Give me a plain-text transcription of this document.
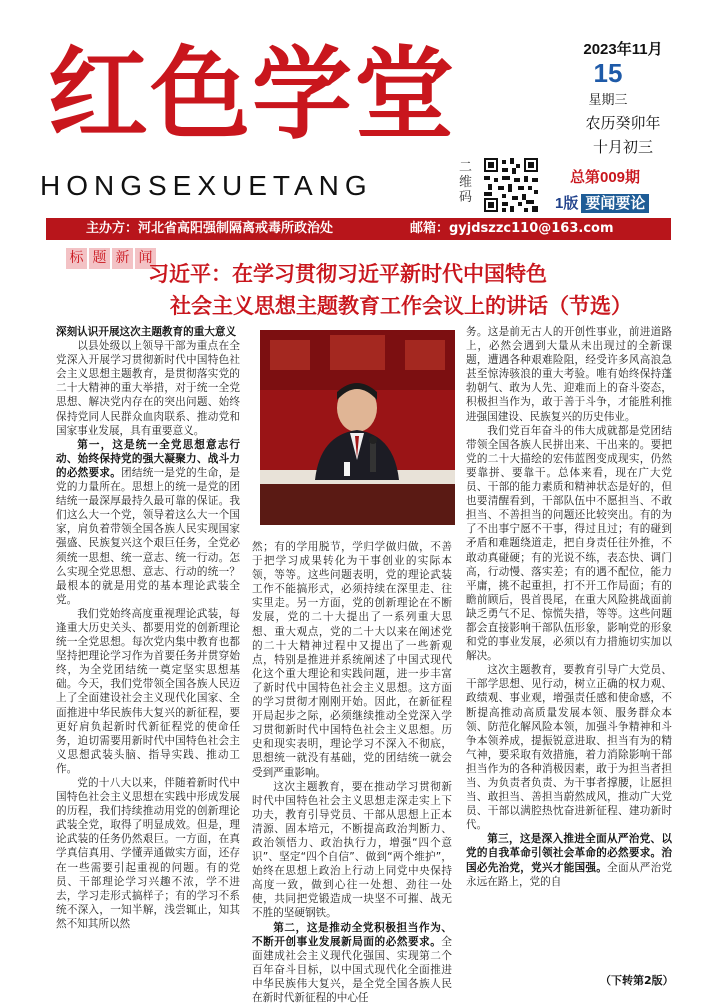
红色学堂
HONGSEXUETANG
二维码
2023年11月
15
星期三
农历癸卯年
十月初三
总第009期
1版 要闻要论
主办方：河北省高阳强制隔离戒毒所政治处	邮箱：gyjdszzc110@163.com
标 题 新 闻
习近平：在学习贯彻习近平新时代中国特色
社会主义思想主题教育工作会议上的讲话（节选）

深刻认识开展这次主题教育的重大意义

以县处级以上领导干部为重点在全党深入开展学习贯彻新时代中国特色社会主义思想主题教育，是贯彻落实党的二十大精神的重大举措，对于统一全党思想、解决党内存在的突出问题、始终保持党同人民群众血肉联系、推动党和国家事业发展，具有重要意义。

第一，这是统一全党思想意志行动、始终保持党的强大凝聚力、战斗力的必然要求。团结统一是党的生命，是党的力量所在。思想上的统一是党的团结统一最深厚最持久最可靠的保证。我们这么大一个党，领导着这么大一个国家，肩负着带领全国各族人民实现国家强盛、民族复兴这个艰巨任务，全党必须统一思想、统一意志、统一行动。怎么实现全党思想、意志、行动的统一？最根本的就是用党的基本理论武装全党。

我们党始终高度重视理论武装，每逢重大历史关头、都要用党的创新理论统一全党思想。每次党内集中教育也都坚持把理论学习作为首要任务并贯穿始终，为全党团结统一奠定坚实思想基础。今天，我们党带领全国各族人民迈上了全面建设社会主义现代化国家、全面推进中华民族伟大复兴的新征程，要更好肩负起新时代新征程党的使命任务，迫切需要用新时代中国特色社会主义思想武装头脑、指导实践、推动工作。

党的十八大以来，伴随着新时代中国特色社会主义思想在实践中形成发展的历程，我们持续推动用党的创新理论武装全党，取得了明显成效。但是，理论武装的任务仍然艰巨。一方面，在真学真信真用、学懂弄通做实方面，还存在一些需要引起重视的问题。有的党员、干部理论学习兴趣不浓，学不进去，学习走形式搞样子；有的学习不系统不深入，一知半解，浅尝辄止，知其然不知其所以然

然；有的学用脱节，学归学做归做，不善于把学习成果转化为干事创业的实际本领，等等。这些问题表明，党的理论武装工作不能搞形式，必须持续在深里走、往实里走。另一方面，党的创新理论在不断发展，党的二十大提出了一系列重大思想、重大观点，党的二十大以来在阐述党的二十大精神过程中又提出了一些新观点，特别是推进并系统阐述了中国式现代化这个重大理论和实践问题，进一步丰富了新时代中国特色社会主义思想。这方面的学习贯彻才刚刚开始。因此，在新征程开局起步之际，必须继续推动全党深入学习贯彻新时代中国特色社会主义思想。历史和现实表明，理论学习不深入不彻底，思想统一就没有基础，党的团结统一就会受到严重影响。

这次主题教育，要在推动学习贯彻新时代中国特色社会主义思想走深走实上下功夫，教育引导党员、干部从思想上正本清源、固本培元，不断提高政治判断力、政治领悟力、政治执行力，增强“四个意识”、坚定“四个自信”、做到“两个维护”，始终在思想上政治上行动上同党中央保持高度一致，做到心往一处想、劲往一处使，共同把党锻造成一块坚不可摧、战无不胜的坚硬钢铁。

第二，这是推动全党积极担当作为、不断开创事业发展新局面的必然要求。全面建成社会主义现代化强国、实现第二个百年奋斗目标，以中国式现代化全面推进中华民族伟大复兴，是全党全国各族人民在新时代新征程的中心任

务。这是前无古人的开创性事业，前进道路上，必然会遇到大量从未出现过的全新课题，遭遇各种艰难险阻，经受许多风高浪急甚至惊涛骇浪的重大考验。唯有始终保持蓬勃朝气、敢为人先、迎难而上的奋斗姿态，积极担当作为，敢于善于斗争，才能胜利推进强国建设、民族复兴的历史伟业。

我们党百年奋斗的伟大成就都是党团结带领全国各族人民拼出来、干出来的。要把党的二十大描绘的宏伟蓝图变成现实，仍然要靠拼、要靠干。总体来看，现在广大党员、干部的能力素质和精神状态是好的，但也要清醒看到，干部队伍中不愿担当、不敢担当、不善担当的问题还比较突出。有的为了不出事宁愿不干事，得过且过；有的碰到矛盾和难题绕道走，把自身责任往外推，不敢动真碰硬；有的光说不练，表态快、调门高，行动慢、落实差；有的遇不配位，能力平庸，挑不起重担，打不开工作局面；有的瞻前顾后，畏首畏尾，在重大风险挑战面前缺乏勇气不足、惊慌失措，等等。这些问题都会直接影响干部队伍形象，影响党的形象和党的事业发展，必须以有力措施切实加以解决。

这次主题教育，要教育引导广大党员、干部学思想、见行动，树立正确的权力观、政绩观、事业观，增强责任感和使命感，不断提高推动高质量发展本领、服务群众本领、防范化解风险本领，加强斗争精神和斗争本领养成，提振锐意进取、担当有为的精气神，要采取有效措施，着力消除影响干部担当作为的各种消极因素，敢于为担当者担当、为负责者负责、为干事者撑腰，让愿担当、敢担当、善担当蔚然成风，推动广大党员、干部以满腔热忱奋进新征程、建功新时代。

第三，这是深入推进全面从严治党、以党的自我革命引领社会革命的必然要求。治国必先治党，党兴才能国强。全面从严治党永远在路上，党的自

（下转第2版）
